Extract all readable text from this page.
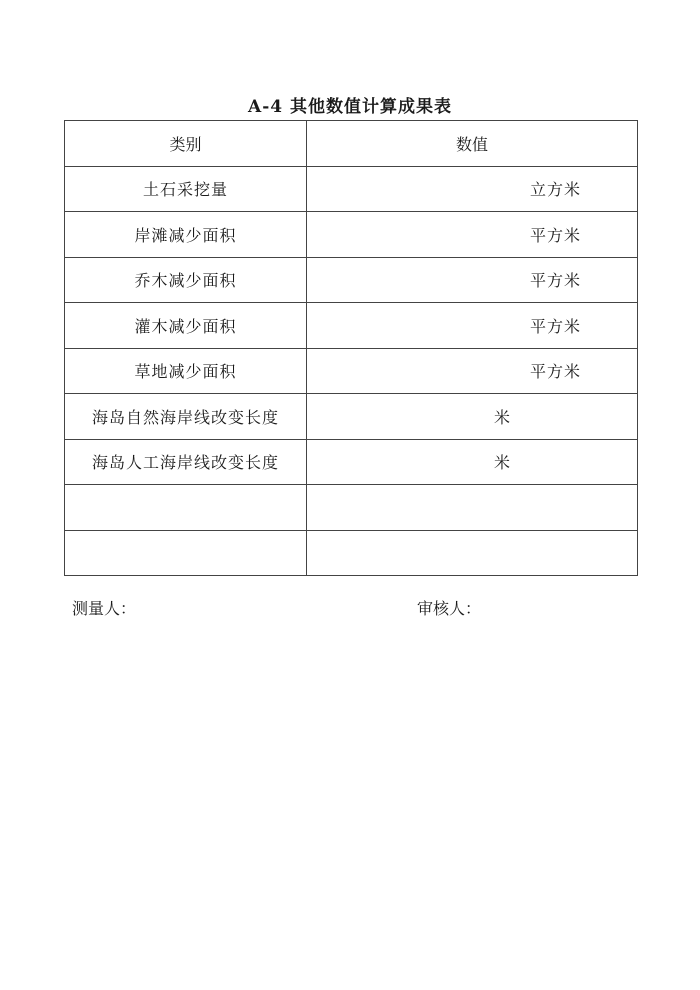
A-4 其他数值计算成果表
类别	数值
土石采挖量	立方米
岸滩减少面积	平方米
乔木减少面积	平方米
灌木减少面积	平方米
草地减少面积	平方米
海岛自然海岸线改变长度	米
海岛人工海岸线改变长度	米

测量人：	审核人：
